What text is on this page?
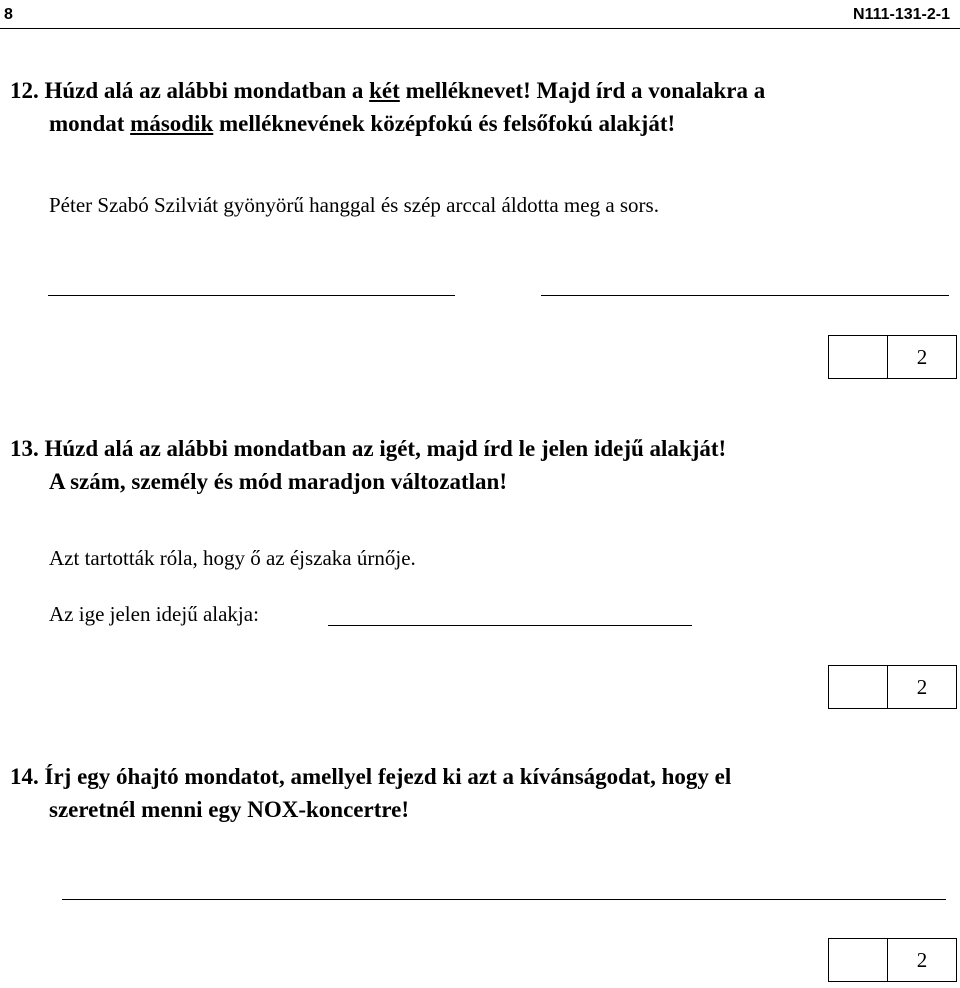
8	N111-131-2-1
12. Húzd alá az alábbi mondatban a két melléknevet! Majd írd a vonalakra a
mondat második melléknevének középfokú és felsőfokú alakját!
Péter Szabó Szilviát gyönyörű hanggal és szép arccal áldotta meg a sors.
2
13. Húzd alá az alábbi mondatban az igét, majd írd le jelen idejű alakját!
A szám, személy és mód maradjon változatlan!
Azt tartották róla, hogy ő az éjszaka úrnője.
Az ige jelen idejű alakja:
2
14. Írj egy óhajtó mondatot, amellyel fejezd ki azt a kívánságodat, hogy el
szeretnél menni egy NOX-koncertre!
2
